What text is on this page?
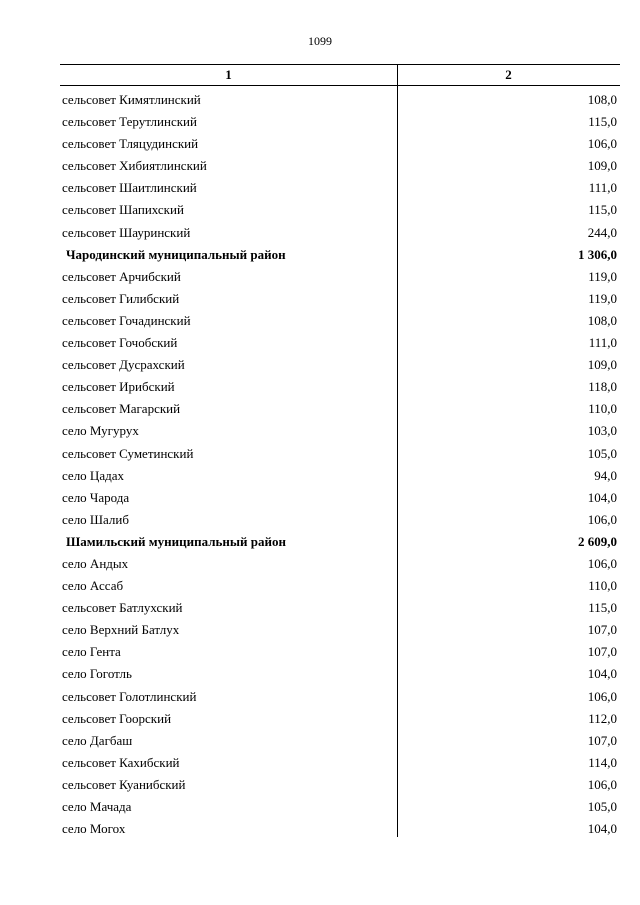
1099
1	2
сельсовет Кимятлинский	108,0
сельсовет Терутлинский	115,0
сельсовет Тляцудинский	106,0
сельсовет Хибиятлинский	109,0
сельсовет Шаитлинский	111,0
сельсовет Шапихский	115,0
сельсовет Шауринский	244,0
Чародинский муниципальный район	1 306,0
сельсовет Арчибский	119,0
сельсовет Гилибский	119,0
сельсовет Гочадинский	108,0
сельсовет Гочобский	111,0
сельсовет Дусрахский	109,0
сельсовет Ирибский	118,0
сельсовет Магарский	110,0
село Мугурух	103,0
сельсовет Суметинский	105,0
село Цадах	94,0
село Чарода	104,0
село Шалиб	106,0
Шамильский муниципальный район	2 609,0
село Андых	106,0
село Ассаб	110,0
сельсовет Батлухский	115,0
село Верхний Батлух	107,0
село Гента	107,0
село Гоготль	104,0
сельсовет Голотлинский	106,0
сельсовет Гоорский	112,0
село Дагбаш	107,0
сельсовет Кахибский	114,0
сельсовет Куанибский	106,0
село Мачада	105,0
село Могох	104,0
